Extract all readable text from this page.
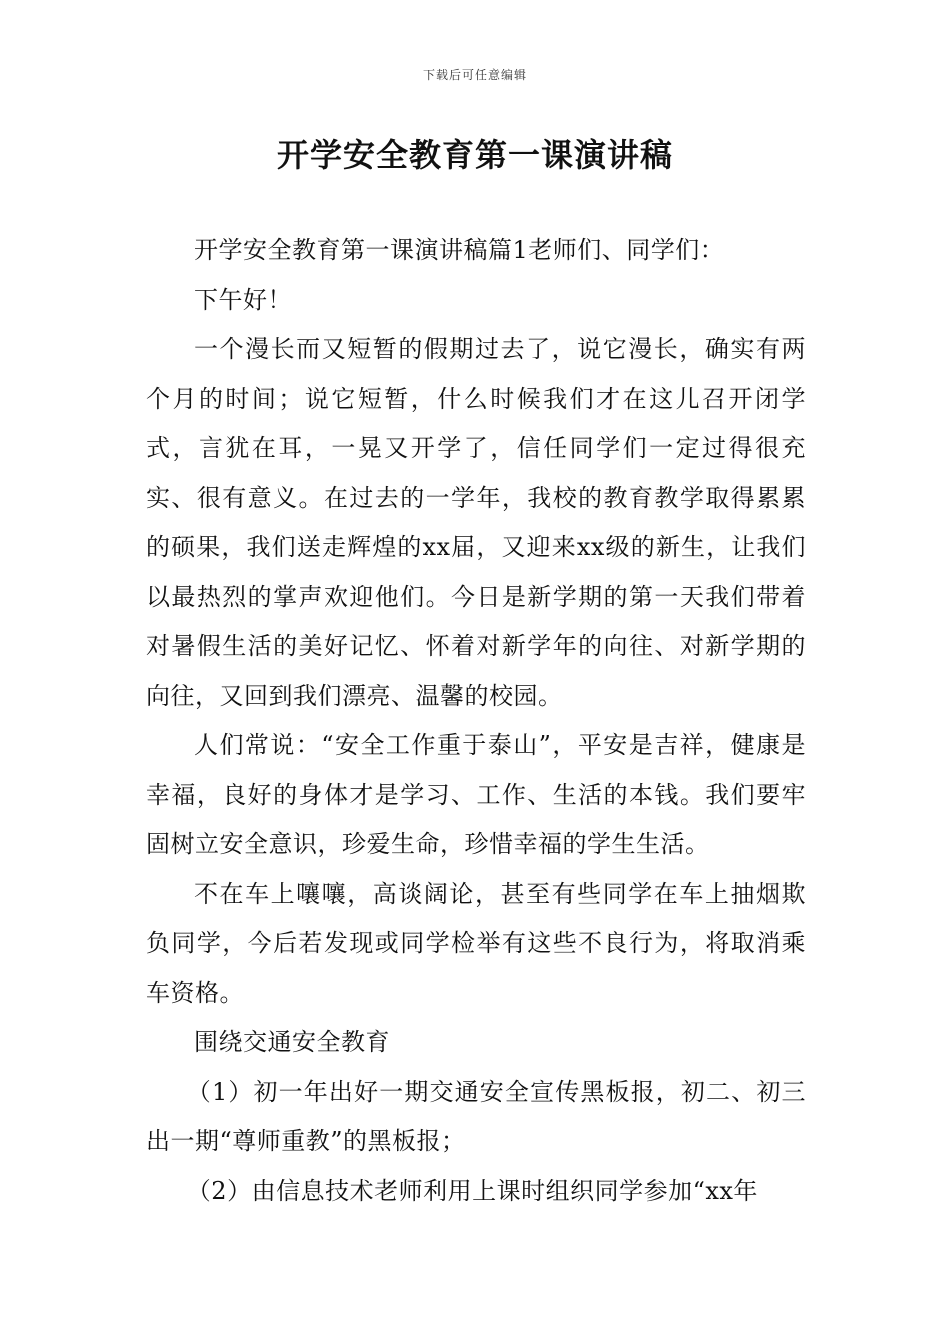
下载后可任意编辑
开学安全教育第一课演讲稿

开学安全教育第一课演讲稿篇1老师们、同学们：

下午好！

一个漫长而又短暂的假期过去了，说它漫长，确实有两个月的时间；说它短暂，什么时候我们才在这儿召开闭学式，言犹在耳，一晃又开学了，信任同学们一定过得很充实、很有意义。在过去的一学年，我校的教育教学取得累累的硕果，我们送走辉煌的xx届，又迎来xx级的新生，让我们以最热烈的掌声欢迎他们。今日是新学期的第一天我们带着对暑假生活的美好记忆、怀着对新学年的向往、对新学期的向往，又回到我们漂亮、温馨的校园。

人们常说：“安全工作重于泰山”，平安是吉祥，健康是幸福，良好的身体才是学习、工作、生活的本钱。我们要牢固树立安全意识，珍爱生命，珍惜幸福的学生生活。

不在车上嚷嚷，高谈阔论，甚至有些同学在车上抽烟欺负同学，今后若发现或同学检举有这些不良行为，将取消乘车资格。

围绕交通安全教育

（1）初一年出好一期交通安全宣传黑板报，初二、初三出一期“尊师重教”的黑板报；

（2）由信息技术老师利用上课时组织同学参加“xx年
